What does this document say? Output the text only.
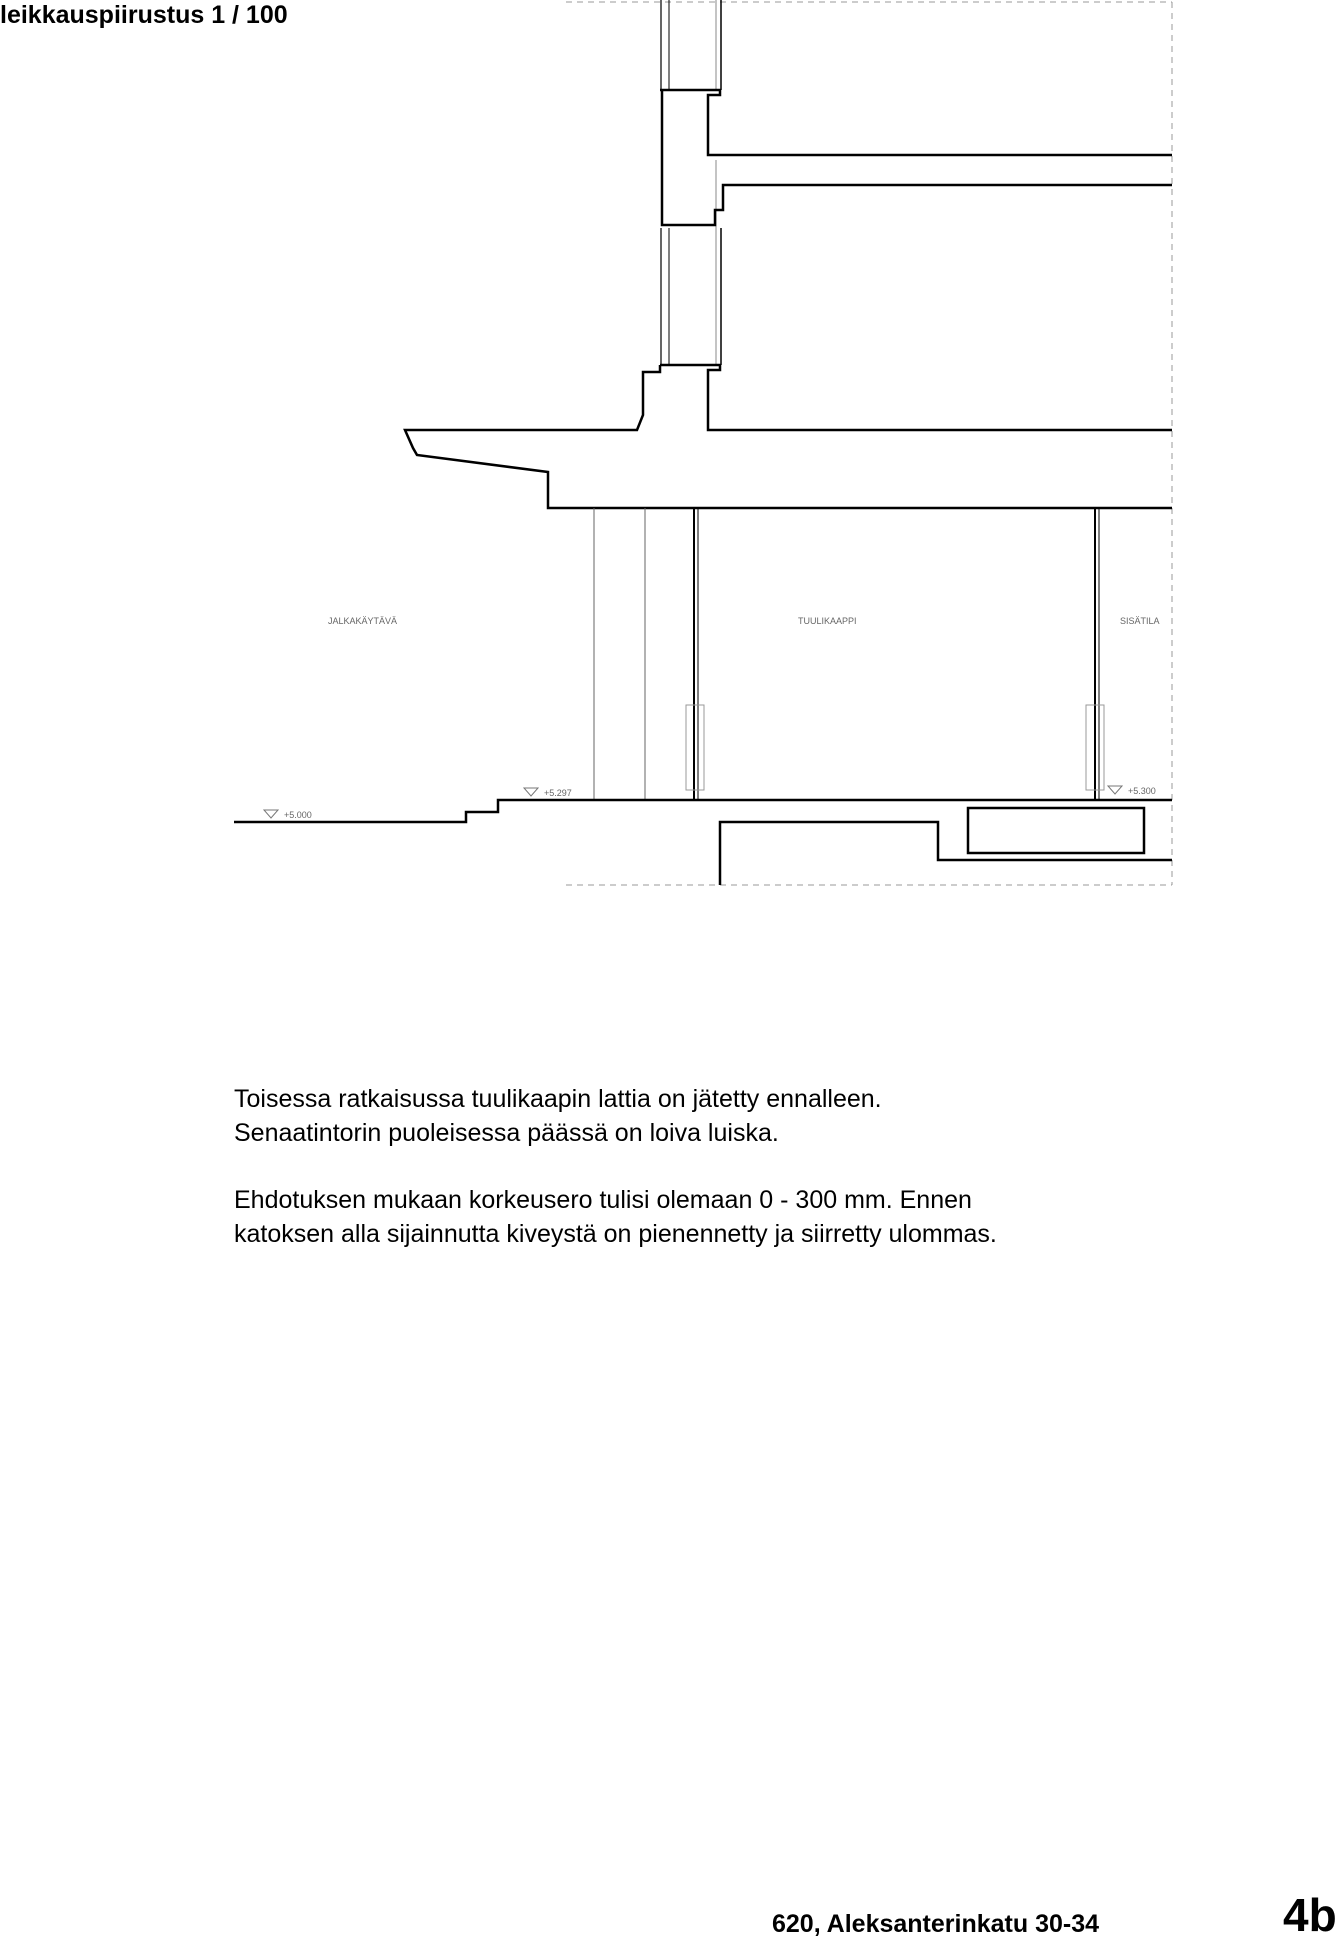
leikkauspiirustus 1 / 100
+5.000
+5.297	+5.300
JALKAKÄYTÄVÄ	TUULIKAAPPI	SISÄTILA

Toisessa ratkaisussa tuulikaapin lattia on jätetty ennalleen.

Senaatintorin puoleisessa päässä on loiva luiska.

Ehdotuksen mukaan korkeusero tulisi olemaan 0 - 300 mm. Ennen

katoksen alla sijainnutta kiveystä on pienennetty ja siirretty ulommas.

620, Aleksanterinkatu 30-34	4b
